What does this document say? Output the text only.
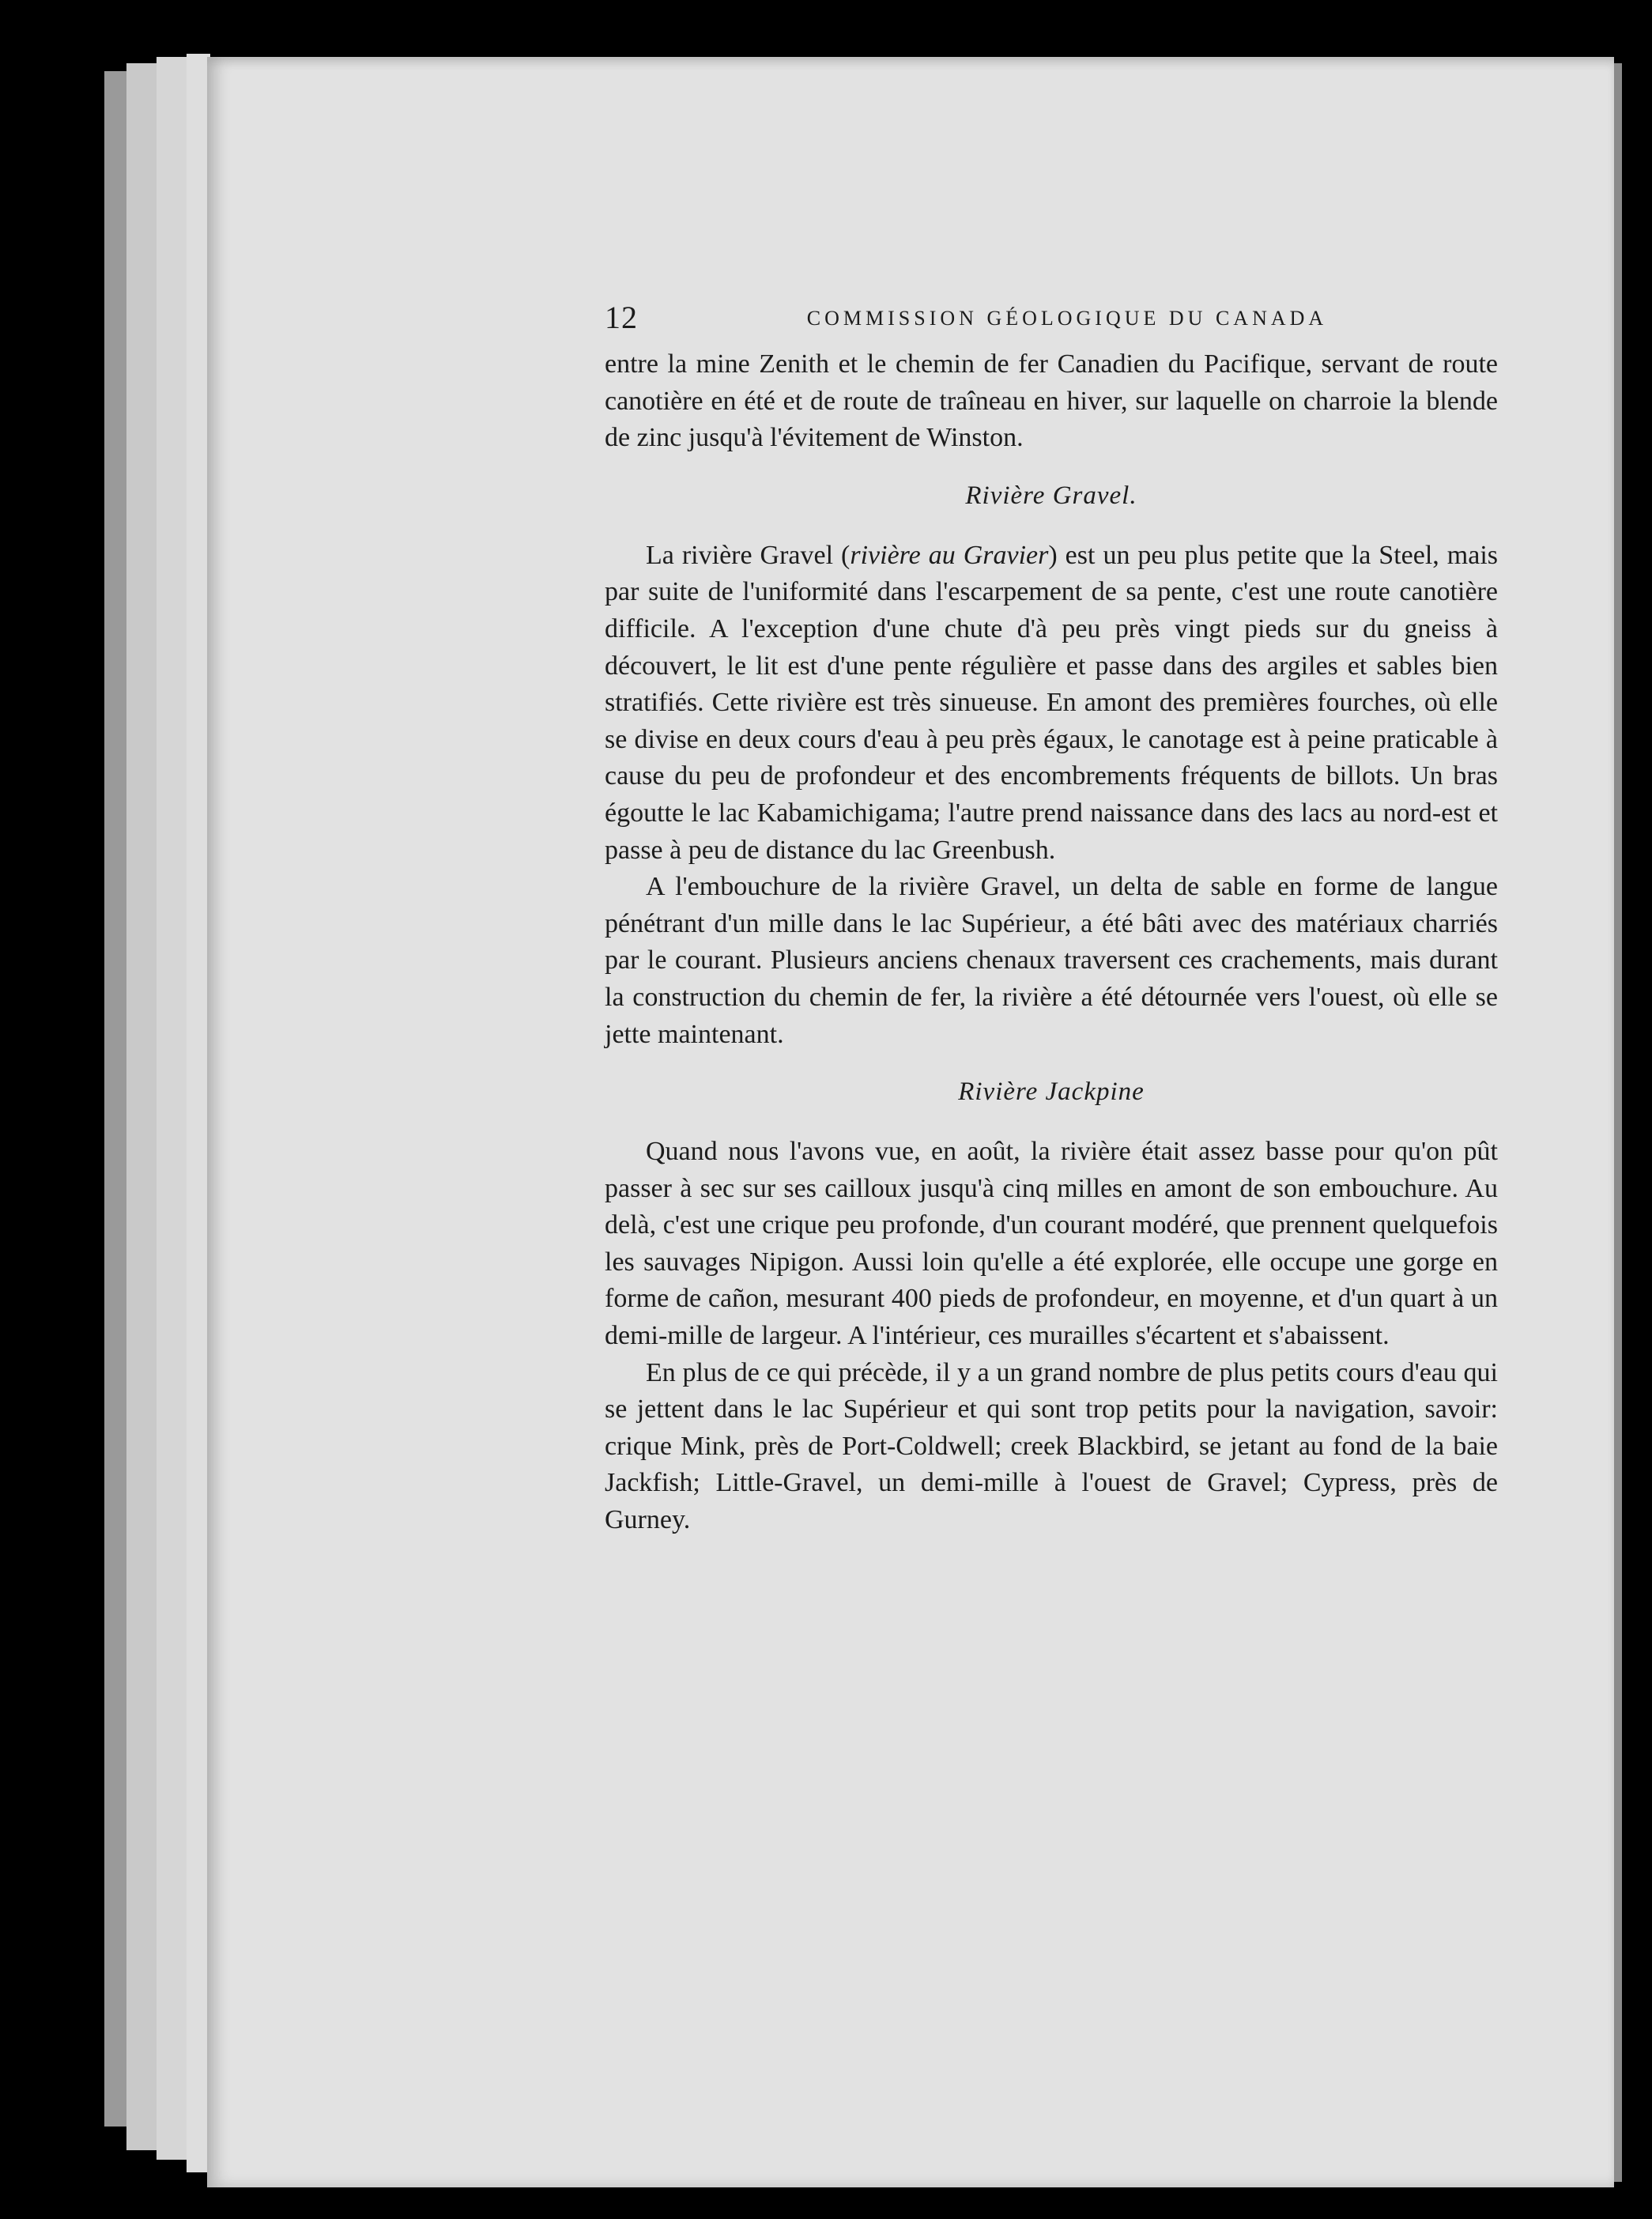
12	COMMISSION GÉOLOGIQUE DU CANADA

entre la mine Zenith et le chemin de fer Canadien du Pacifique, servant de route canotière en été et de route de traîneau en hiver, sur laquelle on charroie la blende de zinc jusqu'à l'évitement de Winston.

Rivière Gravel.

La rivière Gravel (rivière au Gravier) est un peu plus petite que la Steel, mais par suite de l'uniformité dans l'escarpement de sa pente, c'est une route canotière difficile. A l'exception d'une chute d'à peu près vingt pieds sur du gneiss à découvert, le lit est d'une pente régulière et passe dans des argiles et sables bien stratifiés. Cette rivière est très sinueuse. En amont des premières fourches, où elle se divise en deux cours d'eau à peu près égaux, le canotage est à peine praticable à cause du peu de profondeur et des encombrements fréquents de billots. Un bras égoutte le lac Kabamichigama; l'autre prend naissance dans des lacs au nord-est et passe à peu de distance du lac Greenbush.

A l'embouchure de la rivière Gravel, un delta de sable en forme de langue pénétrant d'un mille dans le lac Supérieur, a été bâti avec des matériaux charriés par le courant. Plusieurs anciens chenaux traversent ces crachements, mais durant la construction du chemin de fer, la rivière a été détournée vers l'ouest, où elle se jette maintenant.

Rivière Jackpine

Quand nous l'avons vue, en août, la rivière était assez basse pour qu'on pût passer à sec sur ses cailloux jusqu'à cinq milles en amont de son embouchure. Au delà, c'est une crique peu profonde, d'un courant modéré, que prennent quelquefois les sauvages Nipigon. Aussi loin qu'elle a été explorée, elle occupe une gorge en forme de cañon, mesurant 400 pieds de profondeur, en moyenne, et d'un quart à un demi-mille de largeur. A l'intérieur, ces murailles s'écartent et s'abaissent.

En plus de ce qui précède, il y a un grand nombre de plus petits cours d'eau qui se jettent dans le lac Supérieur et qui sont trop petits pour la navigation, savoir: crique Mink, près de Port-Coldwell; creek Blackbird, se jetant au fond de la baie Jackfish; Little-Gravel, un demi-mille à l'ouest de Gravel; Cypress, près de Gurney.
